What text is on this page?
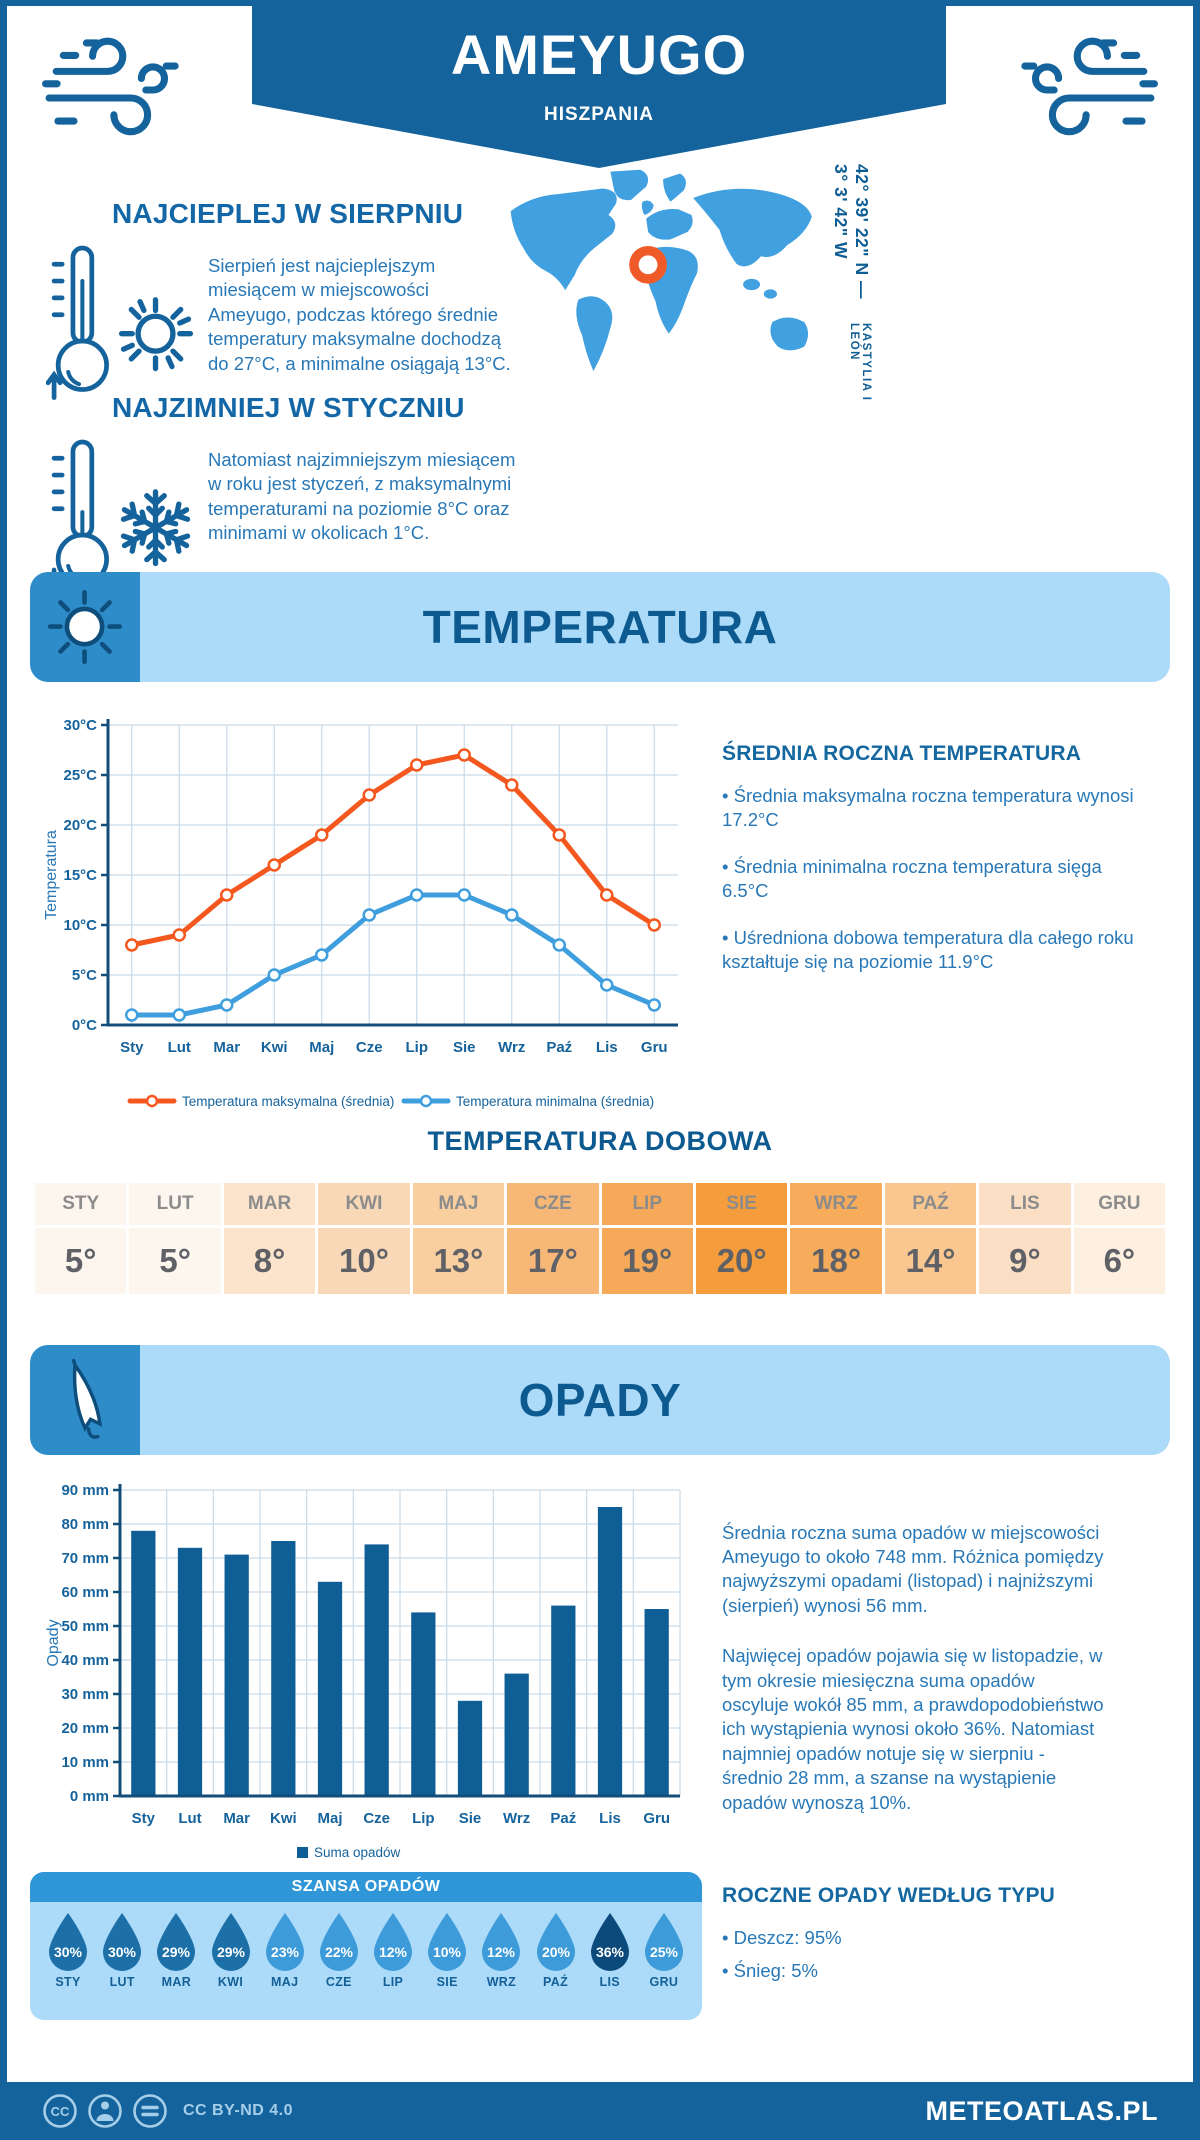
AMEYUGO
HISZPANIA
NAJCIEPLEJ W SIERPNIU

Sierpień jest najcieplejszym miesiącem w miejscowości Ameyugo, podczas którego średnie temperatury maksymalne dochodzą do 27°C, a minimalne osiągają 13°C.

NAJZIMNIEJ W STYCZNIU

Natomiast najzimniejszym miesiącem w roku jest styczeń, z maksymalnymi temperaturami na poziomie 8°C oraz minimami w okolicach 1°C.

42° 39' 22" N — 3° 3' 42" W
KASTYLIA I LEÓN
TEMPERATURA
0°C
5°C
10°C
15°C
20°C
25°C
30°C
Sty Lut Mar Kwi Maj Cze Lip Sie Wrz Paź Lis Gru
Temperatura
Temperatura maksymalna (średnia)	Temperatura minimalna (średnia)
ŚREDNIA ROCZNA TEMPERATURA
• Średnia maksymalna roczna temperatura wynosi 17.2°C
• Średnia minimalna roczna temperatura sięga 6.5°C
• Uśredniona dobowa temperatura dla całego roku kształtuje się na poziomie 11.9°C
TEMPERATURA DOBOWA
STY
5°
LUT
5°
MAR
8°
KWI
10°
MAJ
13°
CZE
17°
LIP
19°
SIE
20°
WRZ
18°
PAŹ
14°
LIS
9°
GRU
6°
OPADY
0 mm
10 mm
20 mm
30 mm
40 mm
50 mm
60 mm
70 mm
80 mm
90 mm
Sty Lut Mar Kwi Maj Cze Lip Sie Wrz Paź Lis Gru
Opady
Suma opadów

Średnia roczna suma opadów w miejscowości Ameyugo to około 748 mm. Różnica pomiędzy najwyższymi opadami (listopad) i najniższymi (sierpień) wynosi 56 mm.

Najwięcej opadów pojawia się w listopadzie, w tym okresie miesięczna suma opadów oscyluje wokół 85 mm, a prawdopodobieństwo ich wystąpienia wynosi około 36%. Natomiast najmniej opadów notuje się w sierpniu - średnio 28 mm, a szanse na wystąpienie opadów wynoszą 10%.

SZANSA OPADÓW
30%
STY
30%
LUT
29%
MAR
29%
KWI
23%
MAJ
22%
CZE
12%
LIP
10%
SIE
12%
WRZ
20%
PAŹ
36%
LIS
25%
GRU
ROCZNE OPADY WEDŁUG TYPU
• Deszcz: 95%
• Śnieg: 5%
CC	CC BY-ND 4.0	METEOATLAS.PL
